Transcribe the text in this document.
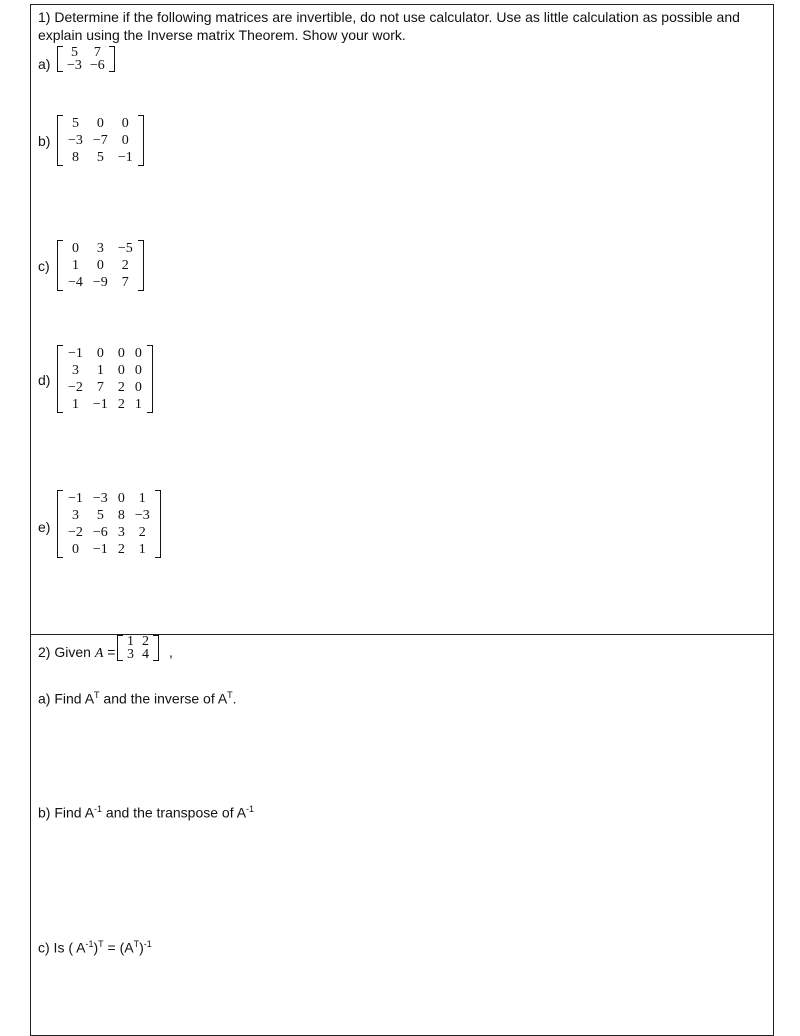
1) Determine if the following matrices are invertible, do not use calculator. Use as little calculation as possible and explain using the Inverse matrix Theorem. Show your work.
a)
5	7
−3	−6
b)
5	0	0
−3	−7	0
8	5	−1
c)
0	3	−5
1	0	2
−4	−9	7
d)
−1	0	0	0
3	1	0	0
−2	7	2	0
1	−1	2	1
e)
−1	−3	0	1
3	5	8	−3
−2	−6	3	2
0	−1	2	1
2) Given A =
1	2
3	4 ,
a) Find $A^T$ and the inverse of $A^T$.
b) Find $A^{-1}$ and the transpose of $A^{-1}$
c) Is ( $A^{-1})^T = (A^T)^{-1}$
